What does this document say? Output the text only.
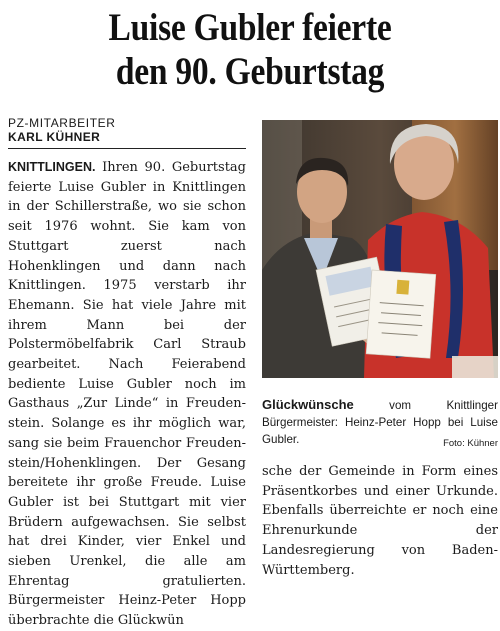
Luise Gubler feierte
den 90. Geburtstag
PZ-MITARBEITER
KARL KÜHNER
KNITTLINGEN. Ihren 90. Geburtstag feierte Luise Gubler in Knittlingen in der Schillerstraße, wo sie schon seit 1976 wohnt. Sie kam von Stuttgart zuerst nach Hohenklingen und dann nach Knittlingen. 1975 verstarb ihr Ehemann. Sie hat viele Jahre mit ihrem Mann bei der Polstermöbelfabrik Carl Straub gearbeitet. Nach Feierabend bediente Luise Gubler noch im Gasthaus „Zur Linde“ in Freudenstein. Solange es ihr möglich war, sang sie beim Frauenchor Freudenstein/Hohenklingen. Der Gesang bereitete ihr große Freude. Luise Gubler ist bei Stuttgart mit vier Brüdern aufgewachsen. Sie selbst hat drei Kinder, vier Enkel und sieben Urenkel, die alle am Ehrentag gratulierten. Bürgermeister Heinz-Peter Hopp überbrachte die Glückwün
Glückwünsche vom Knittlinger Bürgermeister: Heinz-Peter Hopp bei Luise Gubler.	Foto: Kühner
sche der Gemeinde in Form eines Präsentkorbes und einer Urkunde. Ebenfalls überreichte er noch eine Ehrenurkunde der Landesregierung von Baden-Württemberg.
